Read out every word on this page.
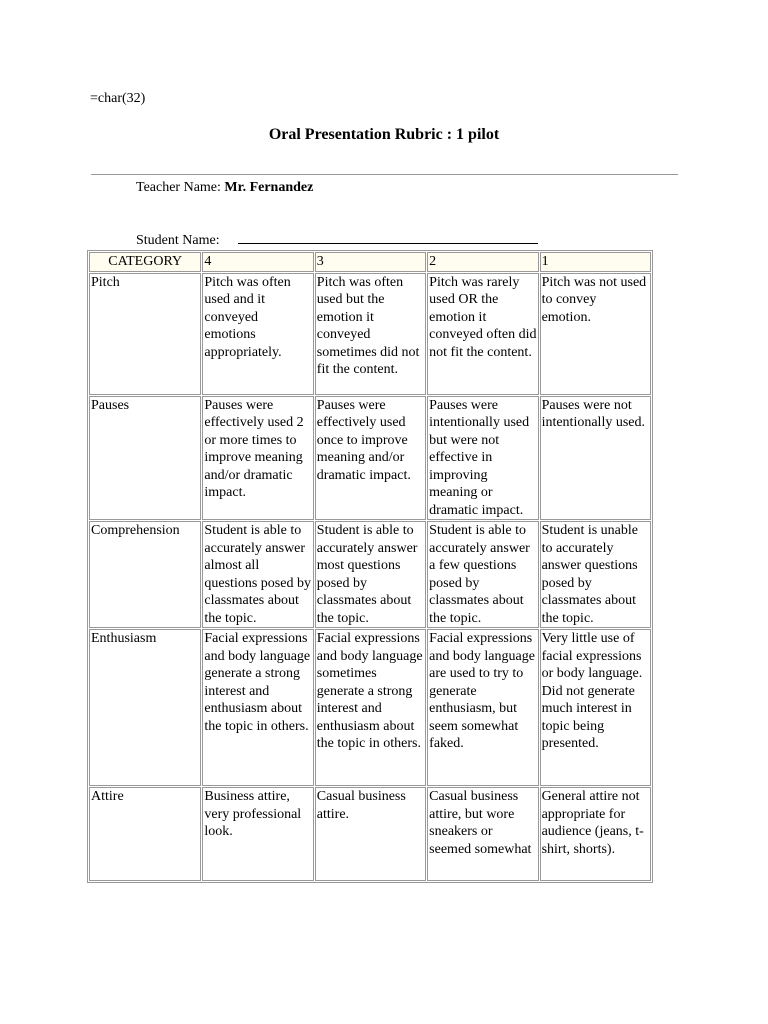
=char(32)
Oral Presentation Rubric : 1 pilot
Teacher Name: Mr. Fernandez
Student Name:
CATEGORY	4	3	2	1
Pitch	Pitch was often used and it conveyed emotions appropriately.	Pitch was often used but the emotion it conveyed sometimes did not fit the content.	Pitch was rarely used OR the emotion it conveyed often did not fit the content.	Pitch was not used to convey emotion.
Pauses	Pauses were effectively used 2 or more times to improve meaning and/or dramatic impact.	Pauses were effectively used once to improve meaning and/or dramatic impact.	Pauses were intentionally used but were not effective in improving meaning or dramatic impact.	Pauses were not intentionally used.
Comprehension	Student is able to accurately answer almost all questions posed by classmates about the topic.	Student is able to accurately answer most questions posed by classmates about the topic.	Student is able to accurately answer a few questions posed by classmates about the topic.	Student is unable to accurately answer questions posed by classmates about the topic.
Enthusiasm	Facial expressions and body language generate a strong interest and enthusiasm about the topic in others.	Facial expressions and body language sometimes generate a strong interest and enthusiasm about the topic in others.	Facial expressions and body language are used to try to generate enthusiasm, but seem somewhat faked.	Very little use of facial expressions or body language. Did not generate much interest in topic being presented.
Attire	Business attire, very professional look.	Casual business attire.	Casual business attire, but wore sneakers or seemed somewhat	General attire not appropriate for audience (jeans, t-shirt, shorts).
